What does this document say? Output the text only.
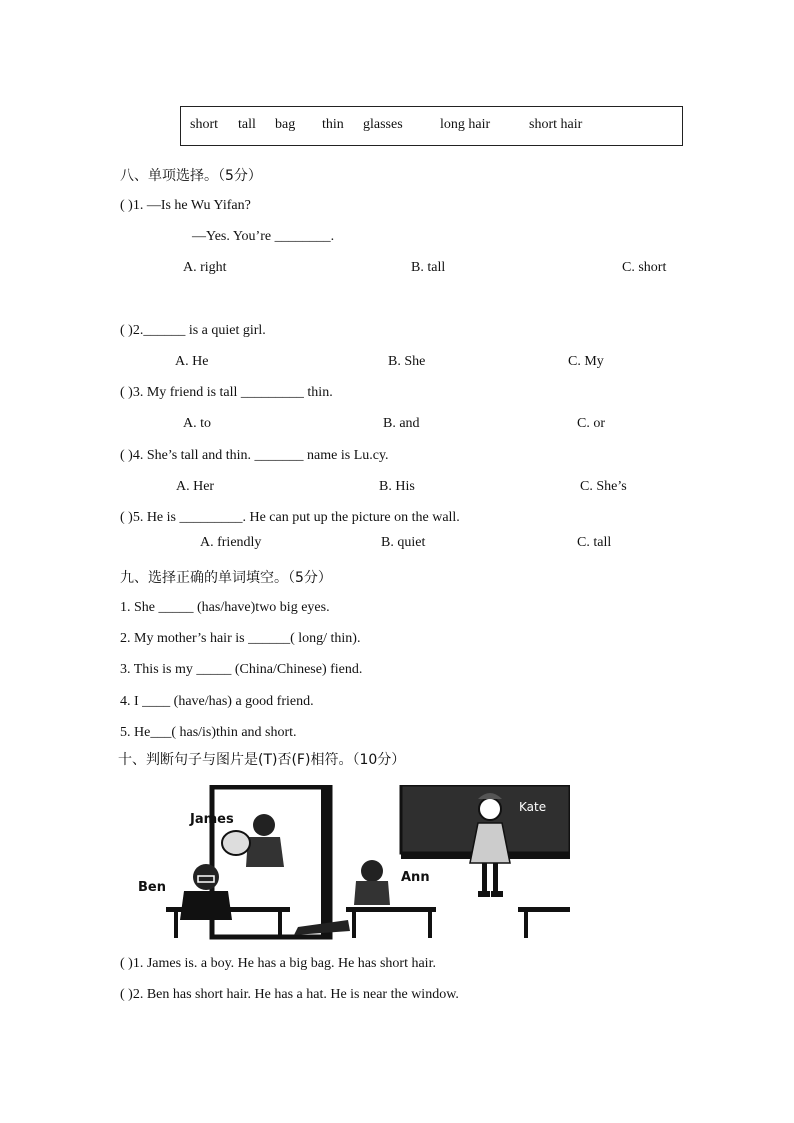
short tall bag thin glasses	long hair	short hair
八、单项选择。（5分）
( )1. —Is he Wu Yifan?
—Yes. You’re ________.
A. right	B. tall	C. short
( )2.______ is a quiet girl.
A. He	B. She	C. My
( )3. My friend is tall _________ thin.
A. to	B. and	C. or
( )4. She’s tall and thin. _______ name is Lu.cy.
A. Her	B. His	C. She’s
( )5. He is _________. He can put up the picture on the wall.
A. friendly	B. quiet	C. tall
九、选择正确的单词填空。（5分）
1. She _____ (has/have)two big eyes.
2. My mother’s hair is ______( long/ thin).
3. This is my _____ (China/Chinese) fiend.
4. I ____ (have/has) a good friend.
5. He___( has/is)thin and short.
十、判断句子与图片是(T)否(F)相符。（10分）
James
Ben
Ann
Kate
( )1. James is. a boy. He has a big bag. He has short hair.
( )2. Ben has short hair. He has a hat. He is near the window.
